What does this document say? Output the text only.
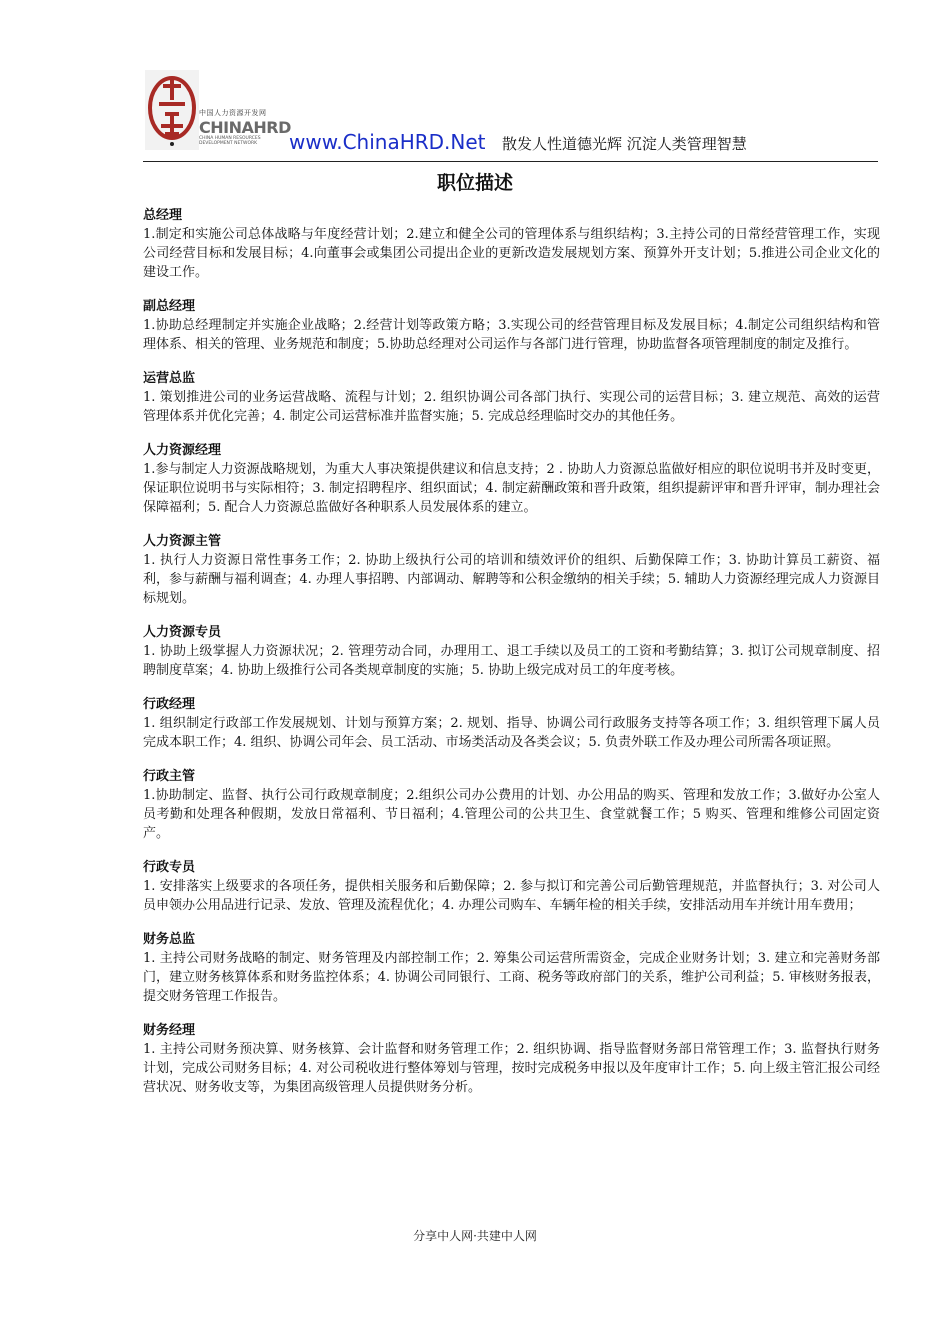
中国人力资源开发网
CHINAHRD
CHINA HUMAN RESOURCES DEVELOPMENT NETWORK	www.ChinaHRD.Net 散发人性道德光辉 沉淀人类管理智慧
职位描述
总经理

1.制定和实施公司总体战略与年度经营计划；2.建立和健全公司的管理体系与组织结构；3.主持公司的日常经营管理工作，实现公司经营目标和发展目标；4.向董事会或集团公司提出企业的更新改造发展规划方案、预算外开支计划；5.推进公司企业文化的建设工作。

副总经理

1.协助总经理制定并实施企业战略；2.经营计划等政策方略；3.实现公司的经营管理目标及发展目标；4.制定公司组织结构和管理体系、相关的管理、业务规范和制度；5.协助总经理对公司运作与各部门进行管理，协助监督各项管理制度的制定及推行。

运营总监

1. 策划推进公司的业务运营战略、流程与计划；2. 组织协调公司各部门执行、实现公司的运营目标；3. 建立规范、高效的运营管理体系并优化完善；4. 制定公司运营标准并监督实施；5. 完成总经理临时交办的其他任务。

人力资源经理

1.参与制定人力资源战略规划，为重大人事决策提供建议和信息支持；2 . 协助人力资源总监做好相应的职位说明书并及时变更，保证职位说明书与实际相符；3. 制定招聘程序、组织面试；4. 制定薪酬政策和晋升政策，组织提薪评审和晋升评审，制办理社会保障福利；5. 配合人力资源总监做好各种职系人员发展体系的建立。

人力资源主管

1. 执行人力资源日常性事务工作；2. 协助上级执行公司的培训和绩效评价的组织、后勤保障工作；3. 协助计算员工薪资、福利，参与薪酬与福利调查；4. 办理人事招聘、内部调动、解聘等和公积金缴纳的相关手续；5. 辅助人力资源经理完成人力资源目标规划。

人力资源专员

1. 协助上级掌握人力资源状况；2. 管理劳动合同，办理用工、退工手续以及员工的工资和考勤结算；3. 拟订公司规章制度、招聘制度草案；4. 协助上级推行公司各类规章制度的实施；5. 协助上级完成对员工的年度考核。

行政经理

1. 组织制定行政部工作发展规划、计划与预算方案；2. 规划、指导、协调公司行政服务支持等各项工作；3. 组织管理下属人员完成本职工作；4. 组织、协调公司年会、员工活动、市场类活动及各类会议；5. 负责外联工作及办理公司所需各项证照。

行政主管

1.协助制定、监督、执行公司行政规章制度；2.组织公司办公费用的计划、办公用品的购买、管理和发放工作；3.做好办公室人员考勤和处理各种假期，发放日常福利、节日福利；4.管理公司的公共卫生、食堂就餐工作；5 购买、管理和维修公司固定资产。

行政专员

1. 安排落实上级要求的各项任务，提供相关服务和后勤保障；2. 参与拟订和完善公司后勤管理规范，并监督执行；3. 对公司人员申领办公用品进行记录、发放、管理及流程优化；4. 办理公司购车、车辆年检的相关手续，安排活动用车并统计用车费用；

财务总监

1. 主持公司财务战略的制定、财务管理及内部控制工作；2. 筹集公司运营所需资金，完成企业财务计划；3. 建立和完善财务部门，建立财务核算体系和财务监控体系；4. 协调公司同银行、工商、税务等政府部门的关系，维护公司利益；5. 审核财务报表，提交财务管理工作报告。

财务经理

1. 主持公司财务预决算、财务核算、会计监督和财务管理工作；2. 组织协调、指导监督财务部日常管理工作；3. 监督执行财务计划，完成公司财务目标；4. 对公司税收进行整体筹划与管理，按时完成税务申报以及年度审计工作；5. 向上级主管汇报公司经营状况、财务收支等，为集团高级管理人员提供财务分析。

分享中人网·共建中人网
